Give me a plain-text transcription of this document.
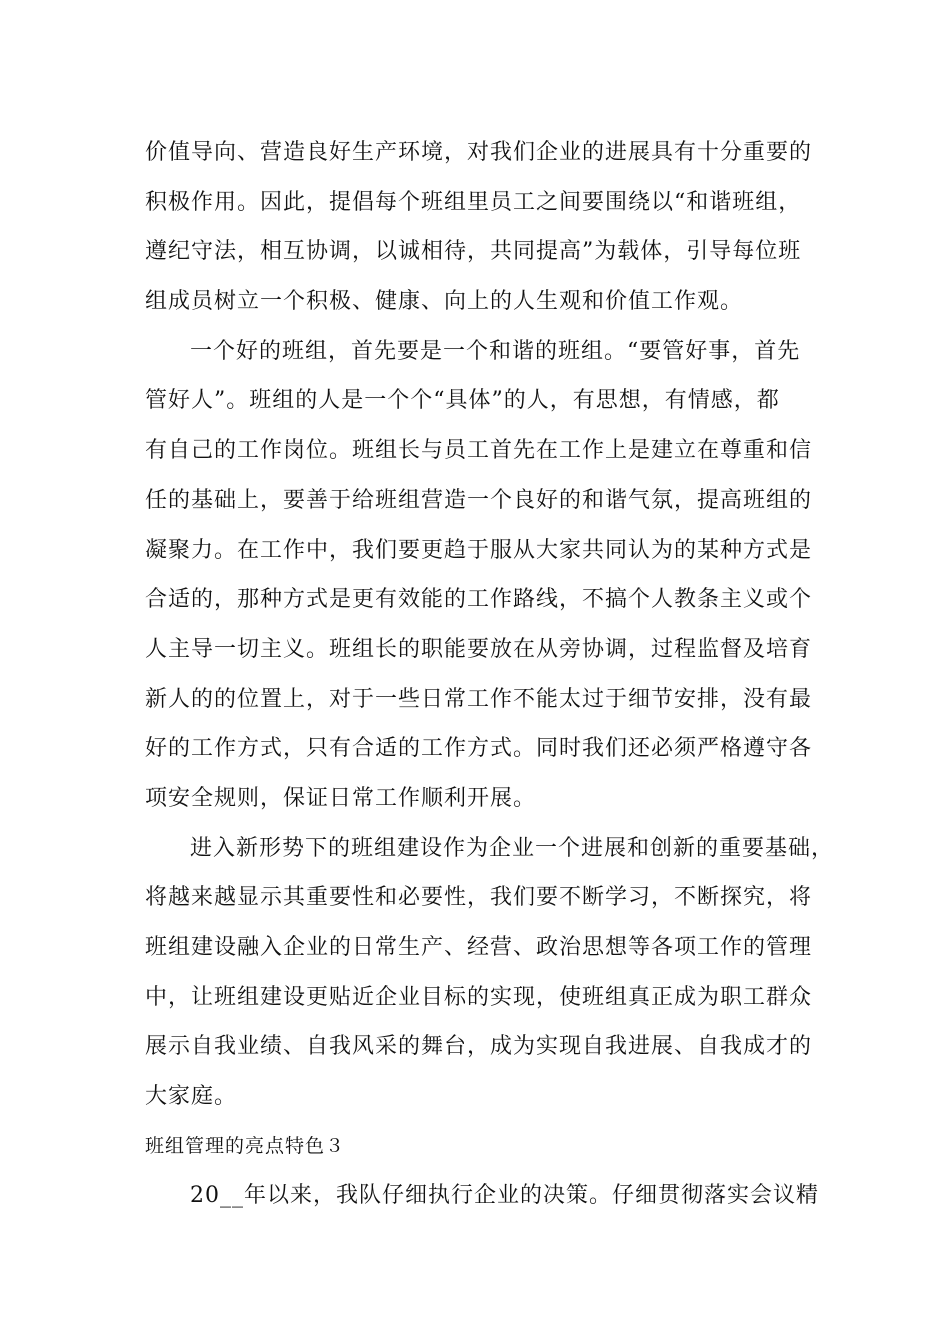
价值导向、营造良好生产环境，对我们企业的进展具有十分重要的
积极作用。因此，提倡每个班组里员工之间要围绕以“和谐班组，
遵纪守法，相互协调，以诚相待，共同提高”为载体，引导每位班
组成员树立一个积极、健康、向上的人生观和价值工作观。
一个好的班组，首先要是一个和谐的班组。“要管好事，首先
管好人”。班组的人是一个个“具体”的人，有思想，有情感，都
有自己的工作岗位。班组长与员工首先在工作上是建立在尊重和信
任的基础上，要善于给班组营造一个良好的和谐气氛，提高班组的
凝聚力。在工作中，我们要更趋于服从大家共同认为的某种方式是
合适的，那种方式是更有效能的工作路线，不搞个人教条主义或个
人主导一切主义。班组长的职能要放在从旁协调，过程监督及培育
新人的的位置上，对于一些日常工作不能太过于细节安排，没有最
好的工作方式，只有合适的工作方式。同时我们还必须严格遵守各
项安全规则，保证日常工作顺利开展。
进入新形势下的班组建设作为企业一个进展和创新的重要基础，
将越来越显示其重要性和必要性，我们要不断学习，不断探究，将
班组建设融入企业的日常生产、经营、政治思想等各项工作的管理
中，让班组建设更贴近企业目标的实现，使班组真正成为职工群众
展示自我业绩、自我风采的舞台，成为实现自我进展、自我成才的
大家庭。
班组管理的亮点特色３
20__年以来，我队仔细执行企业的决策。仔细贯彻落实会议精
